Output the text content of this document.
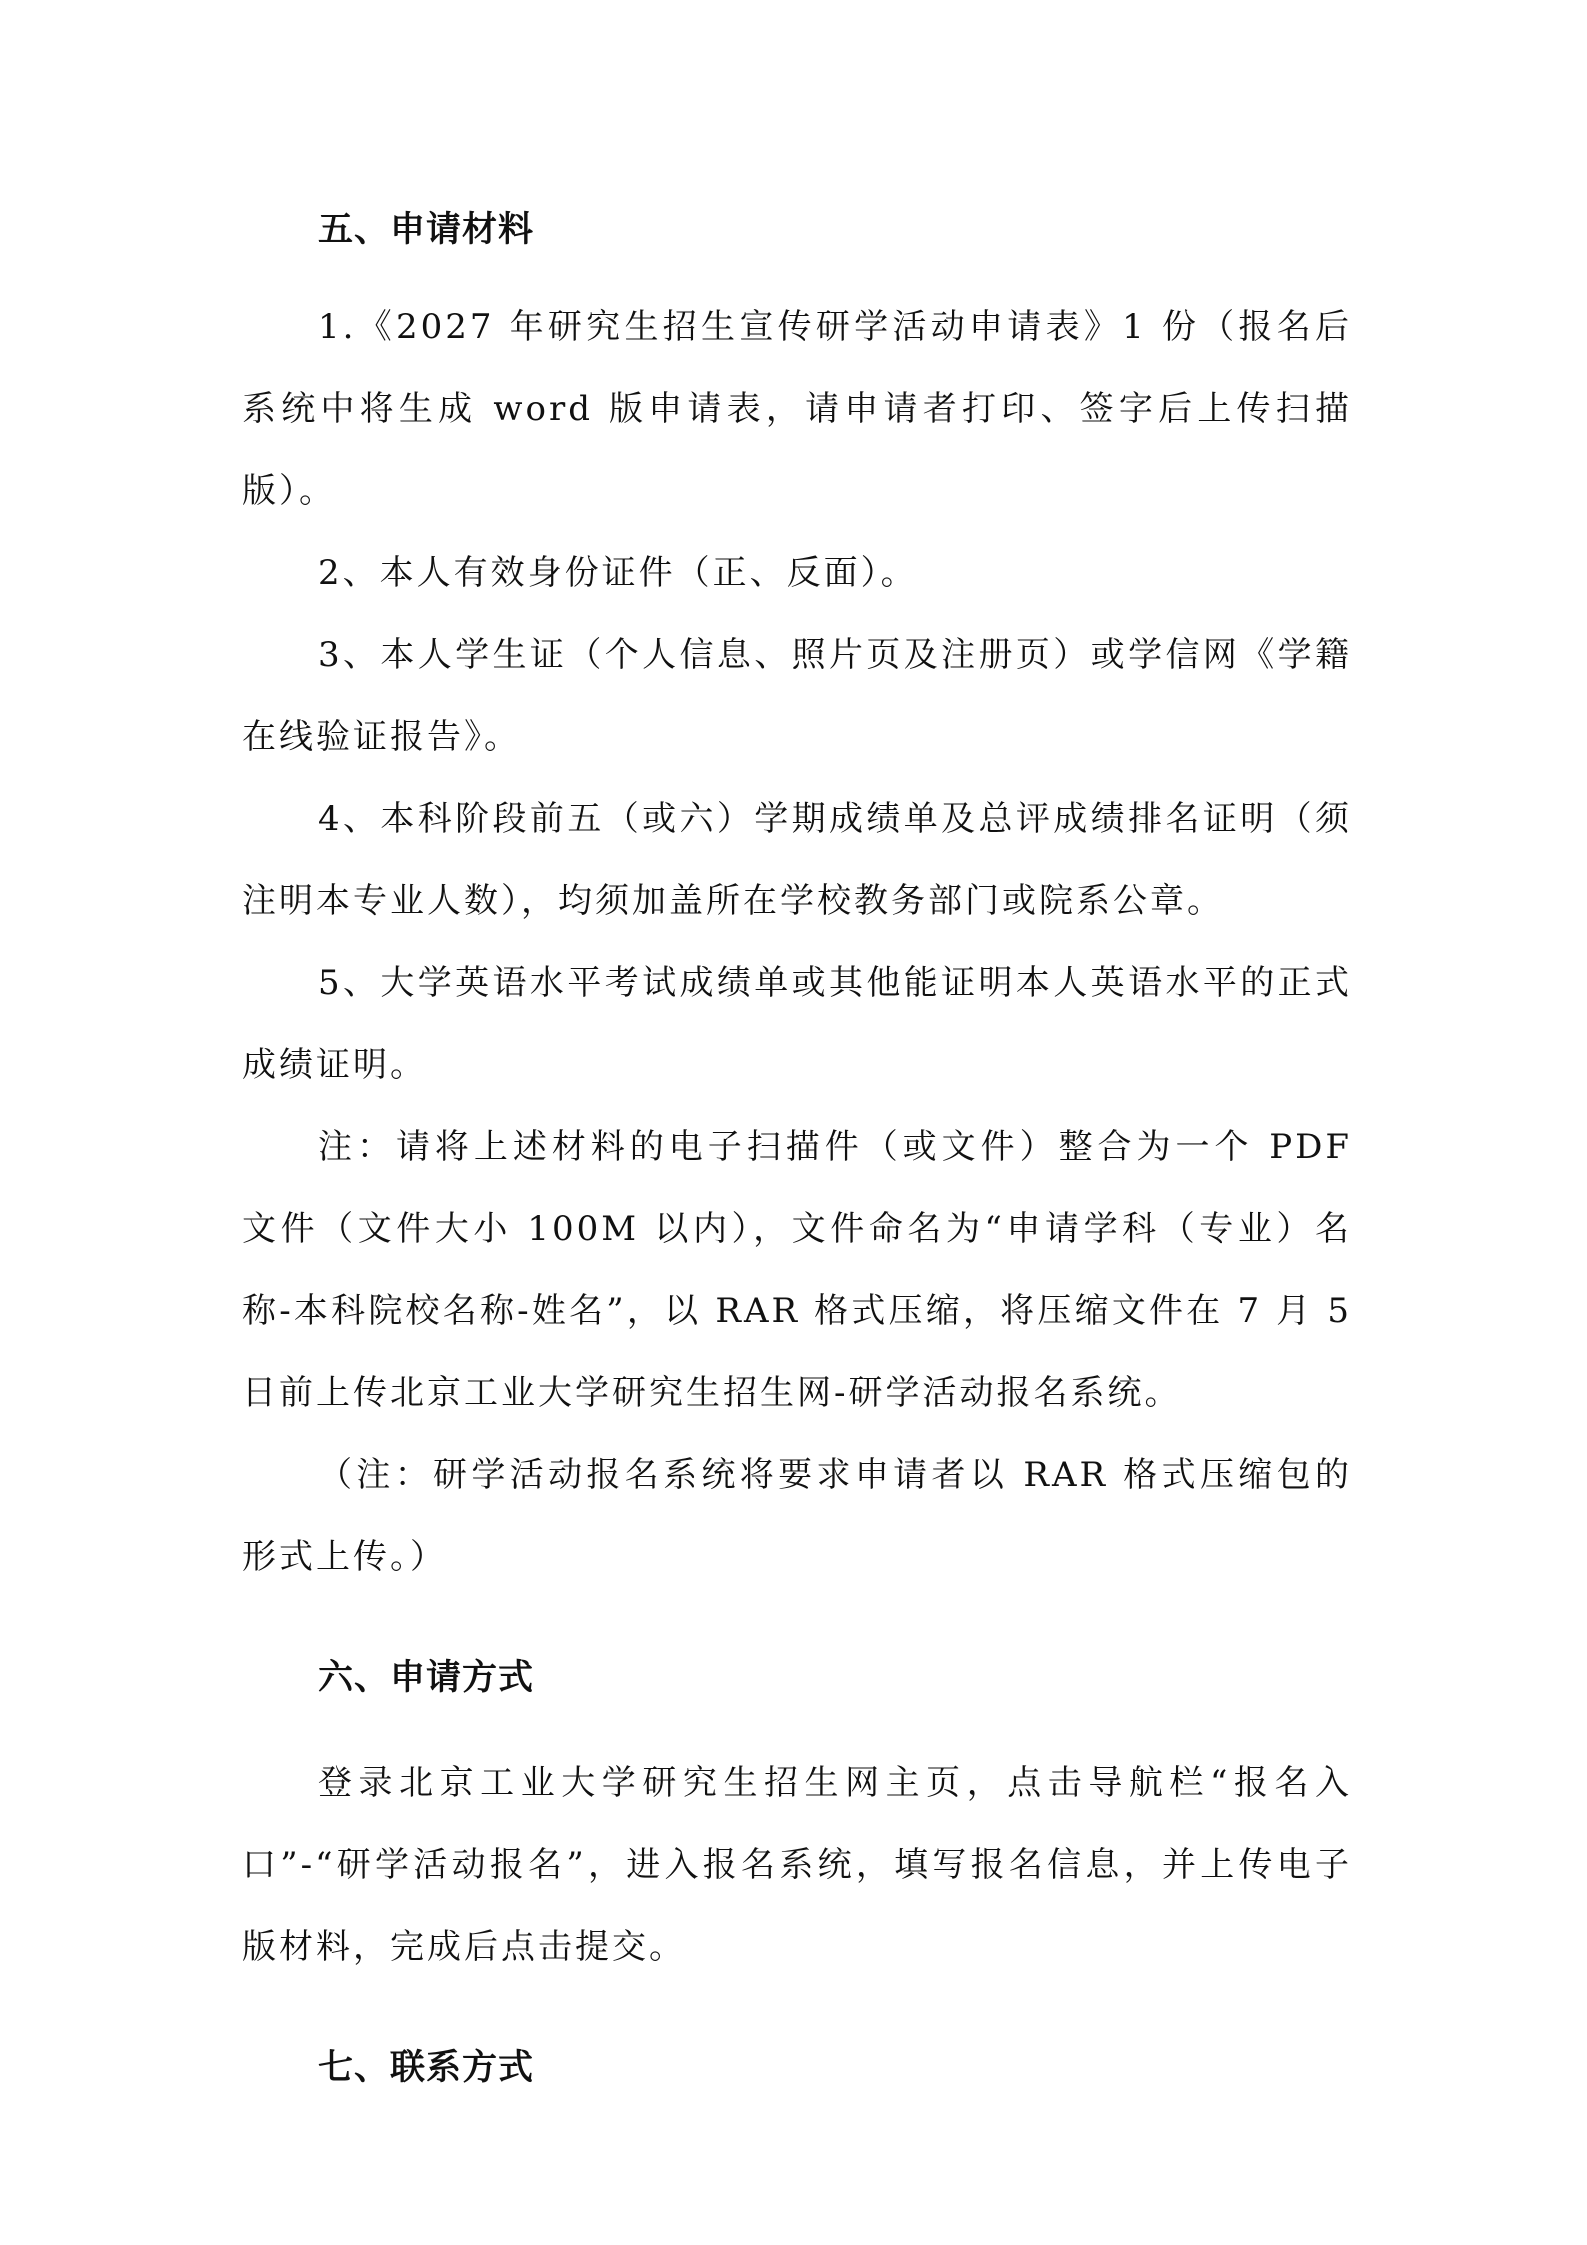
五、申请材料

1.《2027 年研究生招生宣传研学活动申请表》1 份（报名后系统中将生成 word 版申请表，请申请者打印、签字后上传扫描版）。

2、本人有效身份证件（正、反面）。

3、本人学生证（个人信息、照片页及注册页）或学信网《学籍在线验证报告》。

4、本科阶段前五（或六）学期成绩单及总评成绩排名证明（须注明本专业人数），均须加盖所在学校教务部门或院系公章。

5、大学英语水平考试成绩单或其他能证明本人英语水平的正式成绩证明。

注：请将上述材料的电子扫描件（或文件）整合为一个 PDF 文件（文件大小 100M 以内），文件命名为“申请学科（专业）名称-本科院校名称-姓名”，以 RAR 格式压缩，将压缩文件在 7 月 5 日前上传北京工业大学研究生招生网-研学活动报名系统。

（注：研学活动报名系统将要求申请者以 RAR 格式压缩包的形式上传。）

六、申请方式

登录北京工业大学研究生招生网主页，点击导航栏“报名入口”-“研学活动报名”，进入报名系统，填写报名信息，并上传电子版材料，完成后点击提交。

七、联系方式
